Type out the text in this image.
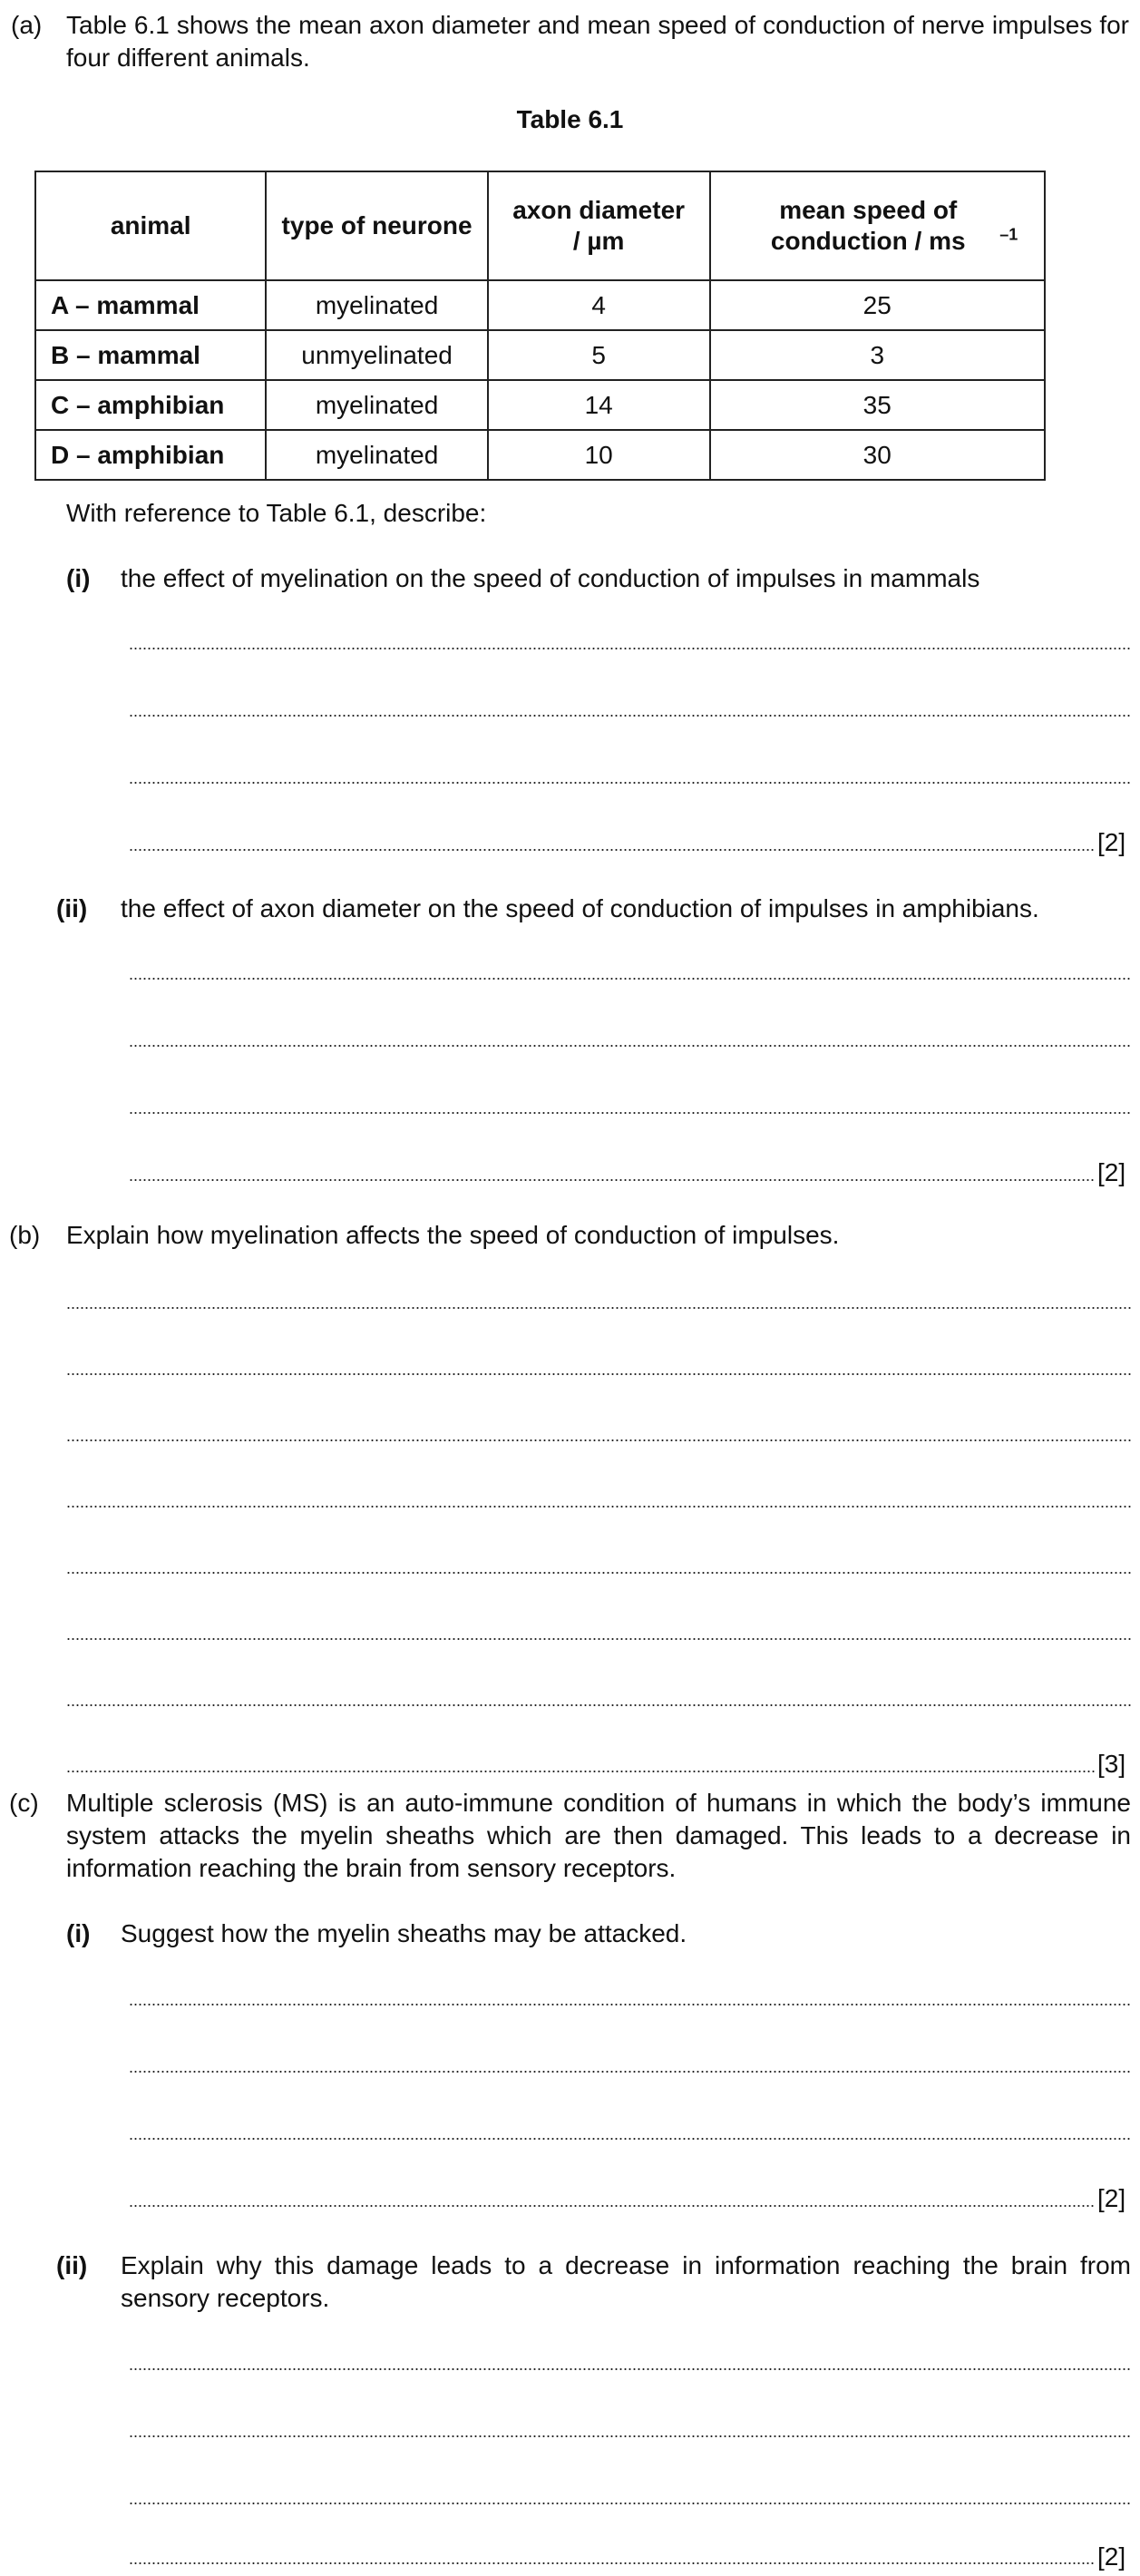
(a) Table 6.1 shows the mean axon diameter and mean speed of conduction of nerve impulses for four different animals.
Table 6.1
animal	type of neurone	axon diameter / µm	mean speed of conduction / ms $^{-1}$
A – mammal	myelinated	4	25
B – mammal	unmyelinated	5	3
C – amphibian	myelinated	14	35
D – amphibian	myelinated	10	30
With reference to Table 6.1, describe:
(i) the effect of myelination on the speed of conduction of impulses in mammals
[2]
(ii) the effect of axon diameter on the speed of conduction of impulses in amphibians.
[2]
(b) Explain how myelination affects the speed of conduction of impulses.
[3]
(c) Multiple sclerosis (MS) is an auto-immune condition of humans in which the body’s immune system attacks the myelin sheaths which are then damaged. This leads to a decrease in information reaching the brain from sensory receptors.
(i) Suggest how the myelin sheaths may be attacked.
[2]
(ii) Explain why this damage leads to a decrease in information reaching the brain from sensory receptors.
[2]
